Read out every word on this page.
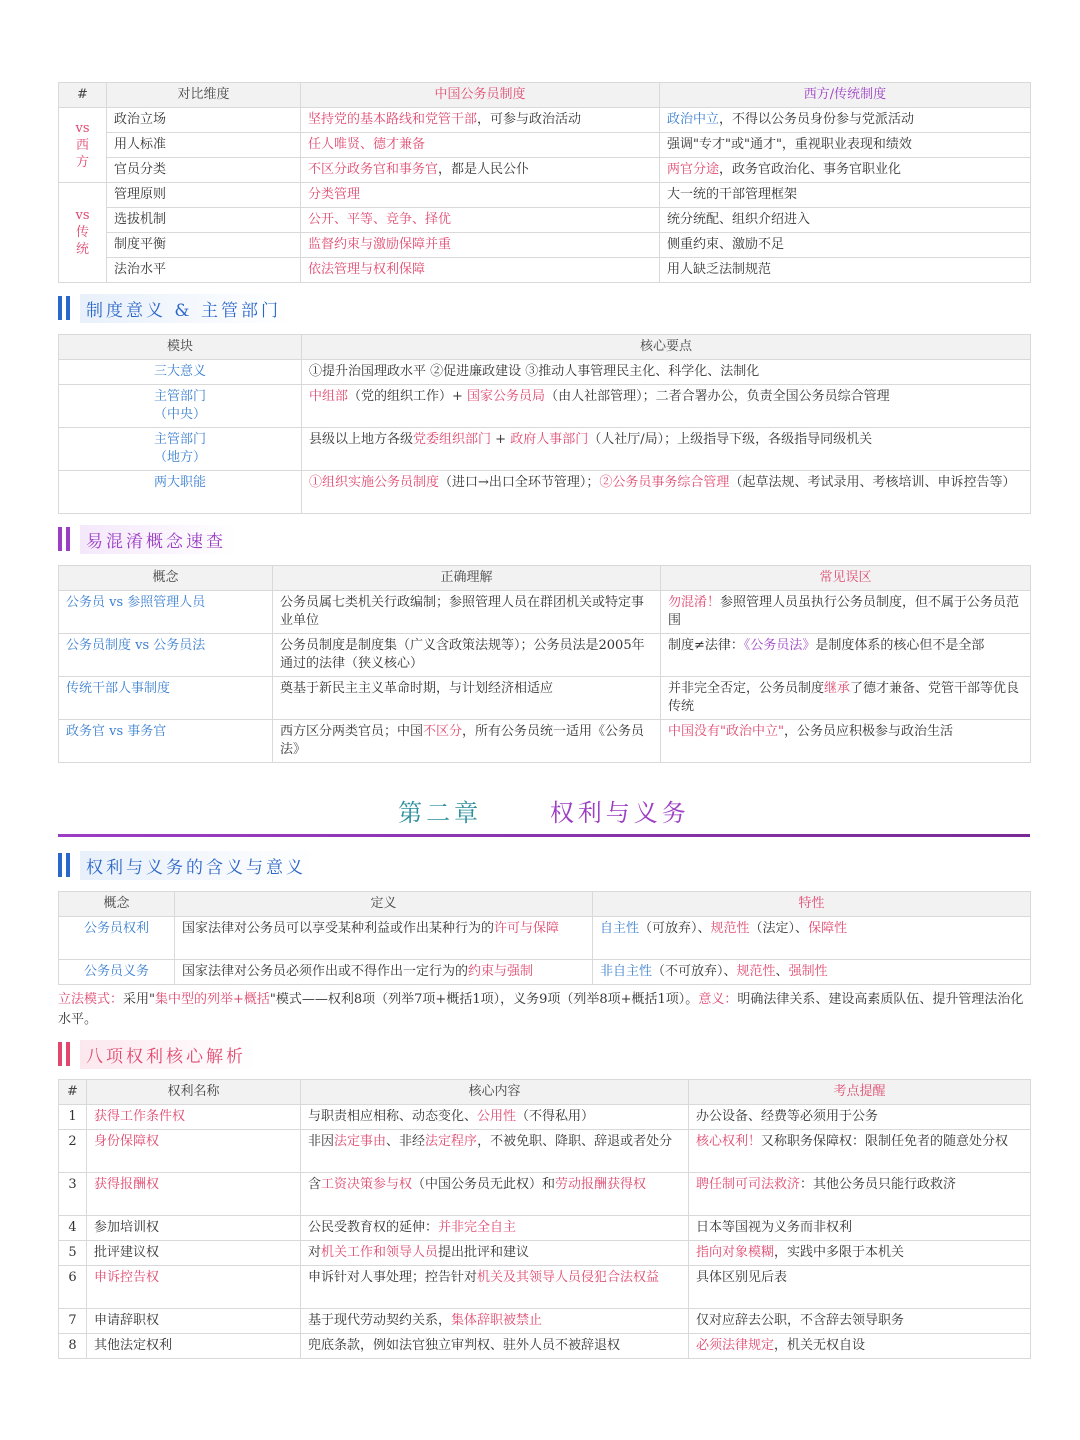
#	对比维度	中国公务员制度	西方/传统制度

vs西方	政治立场	坚持党的基本路线和党管干部，可参与政治活动	政治中立，不得以公务员身份参与党派活动
	用人标准	任人唯贤、德才兼备	强调"专才"或"通才"，重视职业表现和绩效
	官员分类	不区分政务官和事务官，都是人民公仆	两官分途，政务官政治化、事务官职业化

vs传统	管理原则	分类管理	大一统的干部管理框架
	选拔机制	公开、平等、竞争、择优	统分统配、组织介绍进入
	制度平衡	监督约束与激励保障并重	侧重约束、激励不足
	法治水平	依法管理与权利保障	用人缺乏法制规范
制度意义 & 主管部门
模块	核心要点
三大意义	①提升治国理政水平 ②促进廉政建设 ③推动人事管理民主化、科学化、法制化

主管部门
（中央）	中组部（党的组织工作）+ 国家公务员局（由人社部管理）；二者合署办公，负责全国公务员综合管理

主管部门
（地方）	县级以上地方各级党委组织部门 + 政府人事部门（人社厅/局）；上级指导下级，各级指导同级机关
两大职能	①组织实施公务员制度（进口→出口全环节管理）；②公务员事务综合管理（起草法规、考试录用、考核培训、申诉控告等）
易混淆概念速查
概念	正确理解	常见误区
公务员 vs 参照管理人员	公务员属七类机关行政编制；参照管理人员在群团机关或特定事业单位	勿混淆！参照管理人员虽执行公务员制度，但不属于公务员范围
公务员制度 vs 公务员法	公务员制度是制度集（广义含政策法规等）；公务员法是2005年通过的法律（狭义核心）	制度≠法律：《公务员法》是制度体系的核心但不是全部
传统干部人事制度	奠基于新民主主义革命时期，与计划经济相适应	并非完全否定，公务员制度继承了德才兼备、党管干部等优良传统
政务官 vs 事务官	西方区分两类官员；中国不区分，所有公务员统一适用《公务员法》	中国没有"政治中立"，公务员应积极参与政治生活
第二章	权利与义务
权利与义务的含义与意义
概念	定义	特性
公务员权利	国家法律对公务员可以享受某种利益或作出某种行为的许可与保障	自主性（可放弃）、规范性（法定）、保障性
公务员义务	国家法律对公务员必须作出或不得作出一定行为的约束与强制	非自主性（不可放弃）、规范性、强制性
立法模式：采用"集中型的列举+概括"模式——权利8项（列举7项+概括1项），义务9项（列举8项+概括1项）。意义：明确法律关系、建设高素质队伍、提升管理法治化水平。
八项权利核心解析
#	权利名称	核心内容	考点提醒
1	获得工作条件权	与职责相应相称、动态变化、公用性（不得私用）	办公设备、经费等必须用于公务
2	身份保障权	非因法定事由、非经法定程序，不被免职、降职、辞退或者处分	核心权利！又称职务保障权：限制任免者的随意处分权
3	获得报酬权	含工资决策参与权（中国公务员无此权）和劳动报酬获得权	聘任制可司法救济：其他公务员只能行政救济
4	参加培训权	公民受教育权的延伸：并非完全自主	日本等国视为义务而非权利
5	批评建议权	对机关工作和领导人员提出批评和建议	指向对象模糊，实践中多限于本机关
6	申诉控告权	申诉针对人事处理；控告针对机关及其领导人员侵犯合法权益	具体区别见后表
7	申请辞职权	基于现代劳动契约关系，集体辞职被禁止	仅对应辞去公职，不含辞去领导职务
8	其他法定权利	兜底条款，例如法官独立审判权、驻外人员不被辞退权	必须法律规定，机关无权自设
